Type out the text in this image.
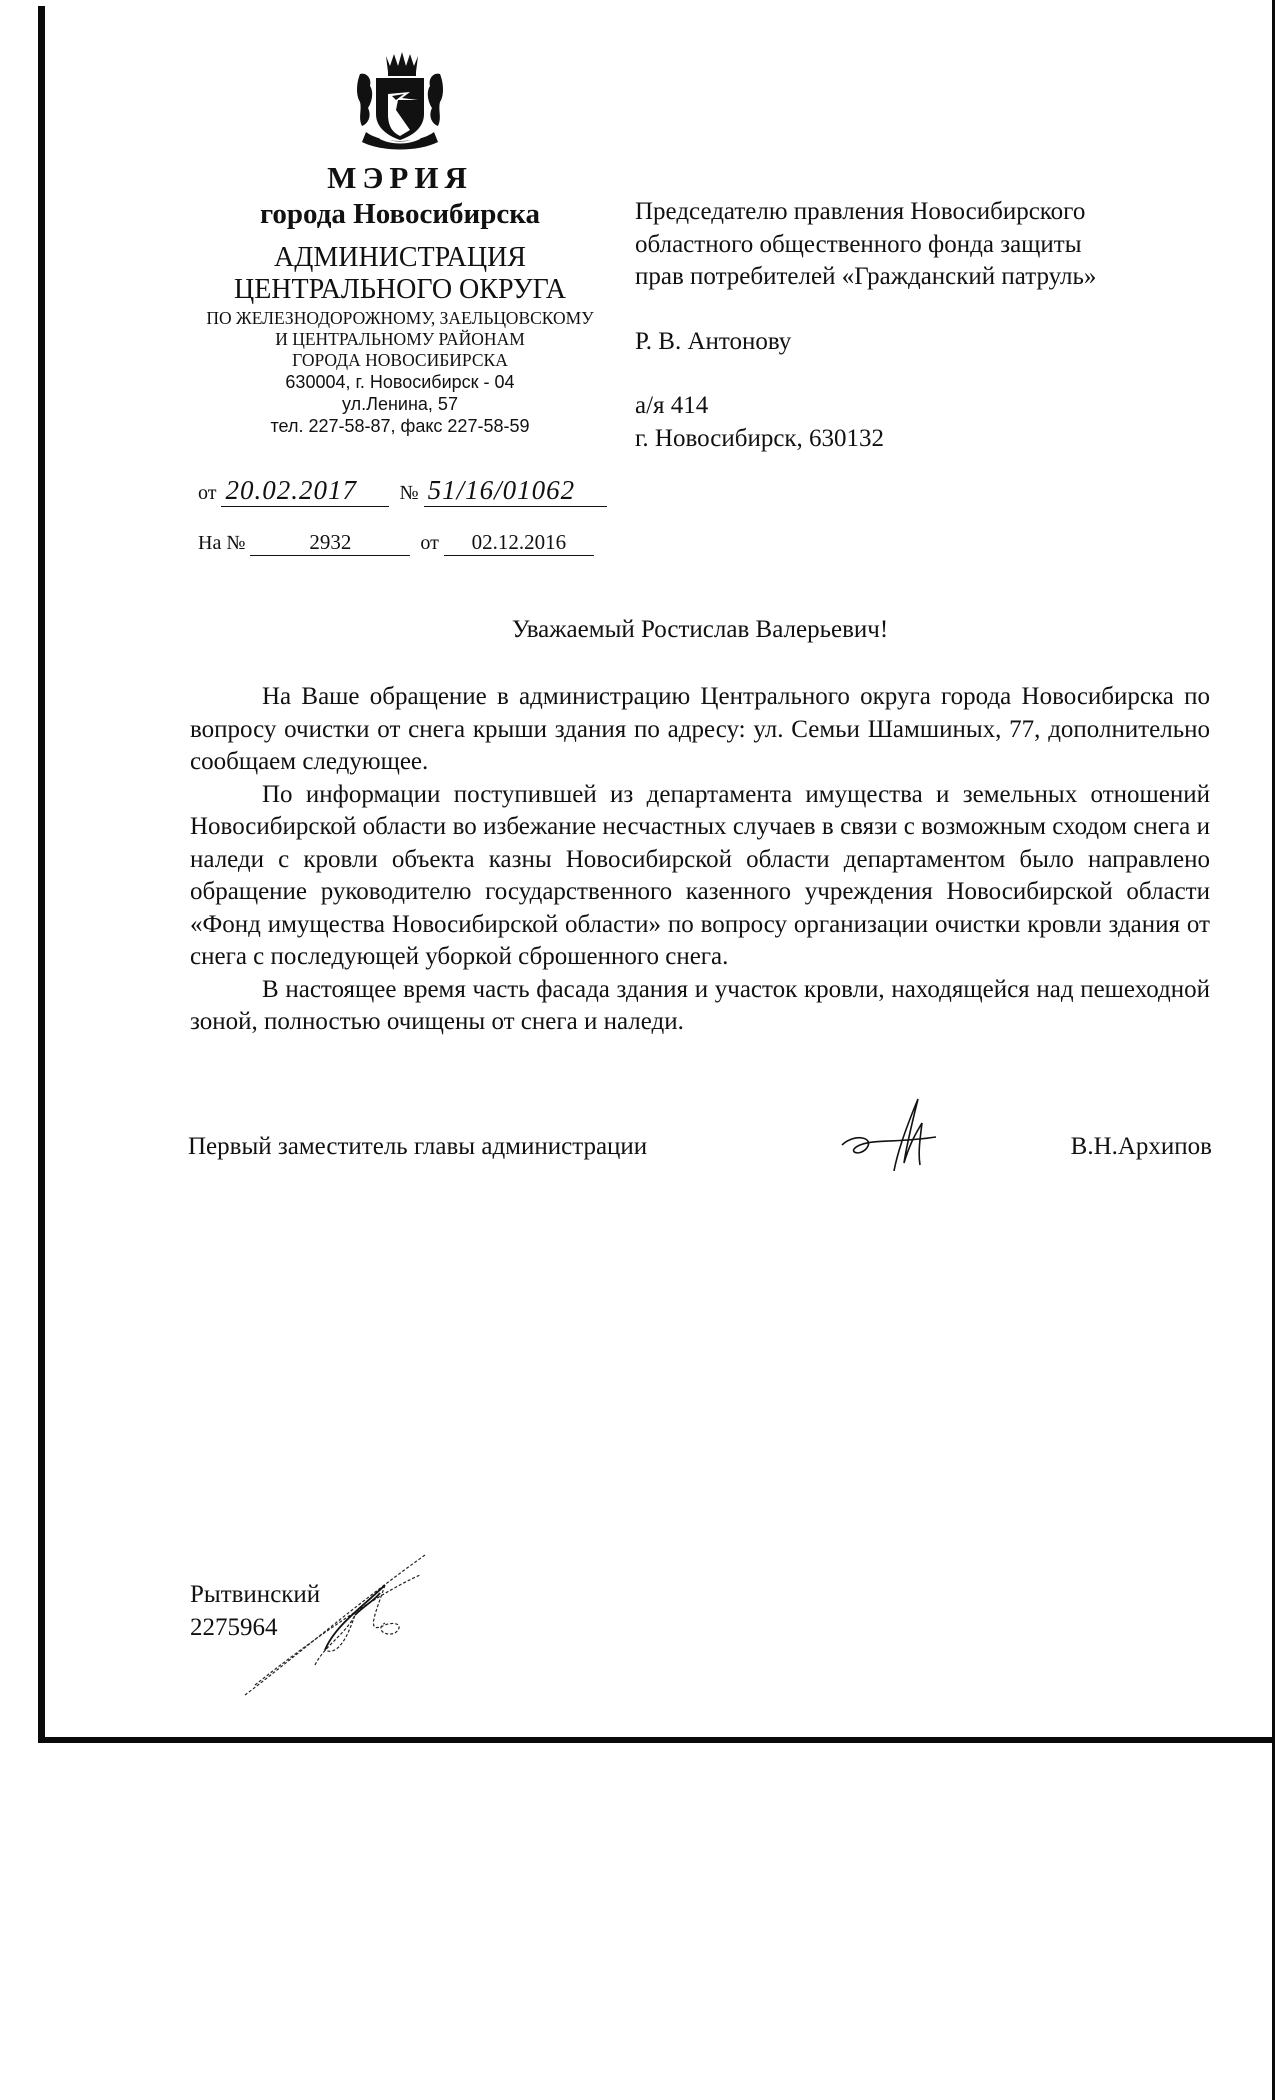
МЭРИЯ
города Новосибирска
АДМИНИСТРАЦИЯ
ЦЕНТРАЛЬНОГО ОКРУГА
ПО ЖЕЛЕЗНОДОРОЖНОМУ, ЗАЕЛЬЦОВСКОМУ
И ЦЕНТРАЛЬНОМУ РАЙОНАМ
ГОРОДА НОВОСИБИРСКА
630004, г. Новосибирск - 04
ул.Ленина, 57
тел. 227-58-87, факс 227-58-59
от 20.02.2017 № 51/16/01062
На №	2932	от 02.12.2016
Председателю правления Новосибирского
областного общественного фонда защиты
прав потребителей «Гражданский патруль»
Р. В. Антонову
а/я 414
г. Новосибирск, 630132
Уважаемый Ростислав Валерьевич!

На Ваше обращение в администрацию Центрального округа города Новосибирска по вопросу очистки от снега крыши здания по адресу: ул. Семьи Шамшиных, 77, дополнительно сообщаем следующее.

По информации поступившей из департамента имущества и земельных отношений Новосибирской области во избежание несчастных случаев в связи с возможным сходом снега и наледи с кровли объекта казны Новосибирской области департаментом было направлено обращение руководителю государственного казенного учреждения Новосибирской области «Фонд имущества Новосибирской области» по вопросу организации очистки кровли здания от снега с последующей уборкой сброшенного снега.

В настоящее время часть фасада здания и участок кровли, находящейся над пешеходной зоной, полностью очищены от снега и наледи.

Первый заместитель главы администрации	В.Н.Архипов
Рытвинский
2275964
